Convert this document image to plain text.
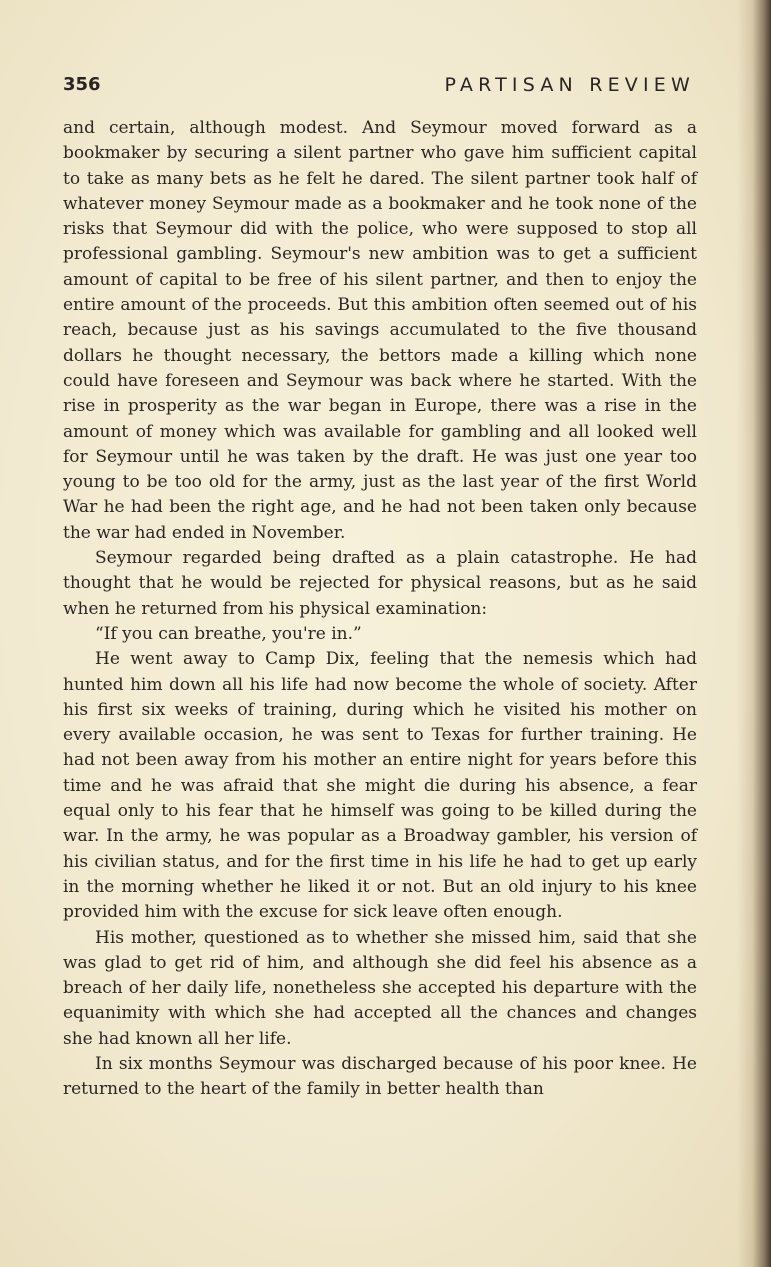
356	PARTISAN REVIEW

and certain, although modest. And Seymour moved forward as a bookmaker by securing a silent partner who gave him sufficient capital to take as many bets as he felt he dared. The silent partner took half of whatever money Seymour made as a bookmaker and he took none of the risks that Seymour did with the police, who were supposed to stop all professional gambling. Seymour's new ambition was to get a sufficient amount of capital to be free of his silent partner, and then to enjoy the entire amount of the proceeds. But this ambition often seemed out of his reach, because just as his savings accumulated to the five thousand dollars he thought necessary, the bettors made a killing which none could have foreseen and Seymour was back where he started. With the rise in prosperity as the war began in Europe, there was a rise in the amount of money which was available for gambling and all looked well for Seymour until he was taken by the draft. He was just one year too young to be too old for the army, just as the last year of the first World War he had been the right age, and he had not been taken only because the war had ended in November.

Seymour regarded being drafted as a plain catastrophe. He had thought that he would be rejected for physical reasons, but as he said when he returned from his physical examination:

“If you can breathe, you're in.”

He went away to Camp Dix, feeling that the nemesis which had hunted him down all his life had now become the whole of society. After his first six weeks of training, during which he visited his mother on every available occasion, he was sent to Texas for further training. He had not been away from his mother an entire night for years before this time and he was afraid that she might die during his absence, a fear equal only to his fear that he himself was going to be killed during the war. In the army, he was popular as a Broadway gambler, his version of his civilian status, and for the first time in his life he had to get up early in the morning whether he liked it or not. But an old injury to his knee provided him with the excuse for sick leave often enough.

His mother, questioned as to whether she missed him, said that she was glad to get rid of him, and although she did feel his absence as a breach of her daily life, nonetheless she accepted his departure with the equanimity with which she had accepted all the chances and changes she had known all her life.

In six months Seymour was discharged because of his poor knee. He returned to the heart of the family in better health than
